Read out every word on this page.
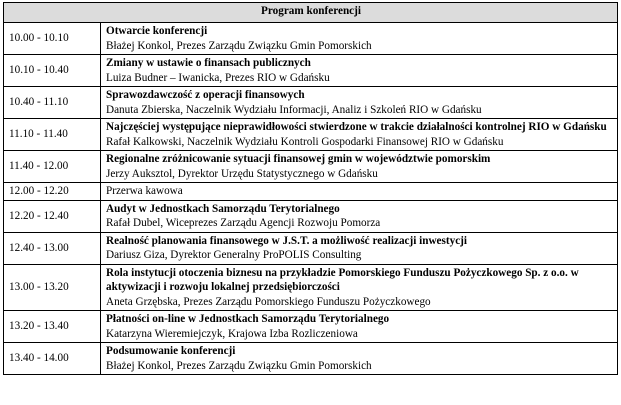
Program konferencji	
10.00 - 10.10	Otwarcie konferencji
Błażej Konkol, Prezes Zarządu Związku Gmin Pomorskich

10.10 - 10.40	Zmiany w ustawie o finansach publicznych
Luiza Budner – Iwanicka, Prezes RIO w Gdańsku

10.40 - 11.10	Sprawozdawczość z operacji finansowych
Danuta Zbierska, Naczelnik Wydziału Informacji, Analiz i Szkoleń RIO w Gdańsku

11.10 - 11.40	Najczęściej występujące nieprawidłowości stwierdzone w trakcie działalności kontrolnej RIO w Gdańsku
Rafał Kalkowski, Naczelnik Wydziału Kontroli Gospodarki Finansowej RIO w Gdańsku

11.40 - 12.00	Regionalne zróżnicowanie sytuacji finansowej gmin w województwie pomorskim
Jerzy Auksztol, Dyrektor Urzędu Statystycznego w Gdańsku

12.00 - 12.20	Przerwa kawowa

12.20 - 12.40	Audyt w Jednostkach Samorządu Terytorialnego
Rafał Dubel, Wiceprezes Zarządu Agencji Rozwoju Pomorza

12.40 - 13.00	Realność planowania finansowego w J.S.T. a możliwość realizacji inwestycji
Dariusz Giza, Dyrektor Generalny ProPOLIS Consulting

13.00 - 13.20	Rola instytucji otoczenia biznesu na przykładzie Pomorskiego Funduszu Pożyczkowego Sp. z o.o. w aktywizacji i rozwoju lokalnej przedsiębiorczości
Aneta Grzębska, Prezes Zarządu Pomorskiego Funduszu Pożyczkowego

13.20 - 13.40	Płatności on-line w Jednostkach Samorządu Terytorialnego
Katarzyna Wieremiejczyk, Krajowa Izba Rozliczeniowa

13.40 - 14.00	Podsumowanie konferencji
Błażej Konkol, Prezes Zarządu Związku Gmin Pomorskich
